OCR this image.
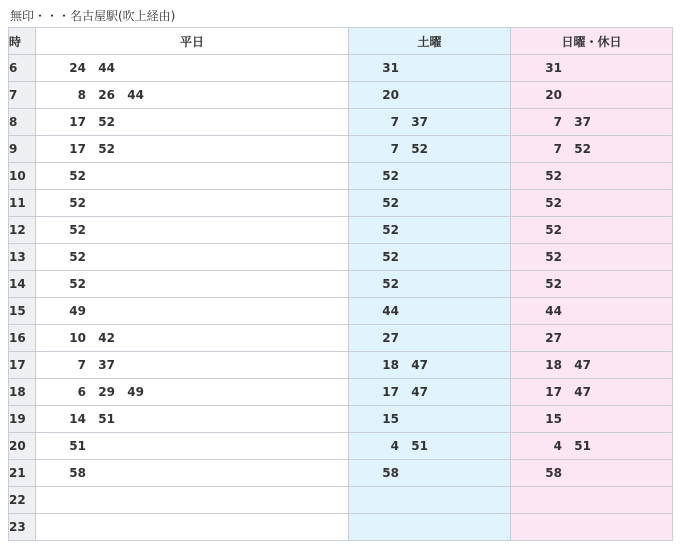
無印・・・名古屋駅(吹上経由)
時	平日	土曜	日曜・休日
6	24 44	31	31
7	8 26 44	20	20
8	17 52	7 37	7 37
9	17 52	7 52	7 52
10	52	52	52
11	52	52	52
12	52	52	52
13	52	52	52
14	52	52	52
15	49	44	44
16	10 42	27	27
17	7 37	18 47	18 47
18	6 29 49	17 47	17 47
19	14 51	15	15
20	51	4 51	4 51
21	58	58	58
22			
23			
